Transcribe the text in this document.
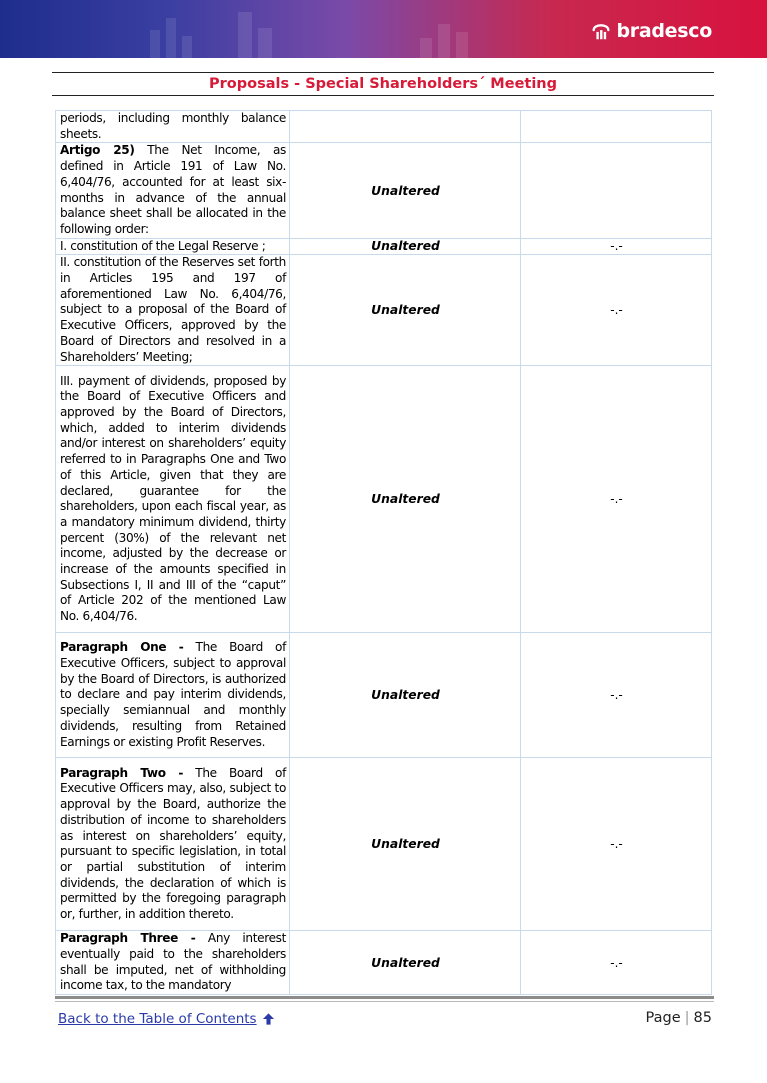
bradesco
Proposals - Special Shareholders´ Meeting
periods, including monthly balance sheets.		
Artigo 25) The Net Income, as defined in Article 191 of Law No. 6,404/76, accounted for at least six-months in advance of the annual balance sheet shall be allocated in the following order:	Unaltered	
I. constitution of the Legal Reserve ;	Unaltered	-.-
II. constitution of the Reserves set forth in Articles 195 and 197 of aforementioned Law No. 6,404/76, subject to a proposal of the Board of Executive Officers, approved by the Board of Directors and resolved in a Shareholders’ Meeting;	Unaltered	-.-
III. payment of dividends, proposed by the Board of Executive Officers and approved by the Board of Directors, which, added to interim dividends and/or interest on shareholders’ equity referred to in Paragraphs One and Two of this Article, given that they are declared, guarantee for the shareholders, upon each fiscal year, as a mandatory minimum dividend, thirty percent (30%) of the relevant net income, adjusted by the decrease or increase of the amounts specified in Subsections I, II and III of the “caput” of Article 202 of the mentioned Law No. 6,404/76.	Unaltered	-.-
Paragraph One - The Board of Executive Officers, subject to approval by the Board of Directors, is authorized to declare and pay interim dividends, specially semiannual and monthly dividends, resulting from Retained Earnings or existing Profit Reserves.	Unaltered	-.-
Paragraph Two - The Board of Executive Officers may, also, subject to approval by the Board, authorize the distribution of income to shareholders as interest on shareholders’ equity, pursuant to specific legislation, in total or partial substitution of interim dividends, the declaration of which is permitted by the foregoing paragraph or, further, in addition thereto.	Unaltered	-.-
Paragraph Three - Any interest eventually paid to the shareholders shall be imputed, net of withholding income tax, to the mandatory	Unaltered	-.-
Back to the Table of Contents	Page | 85
